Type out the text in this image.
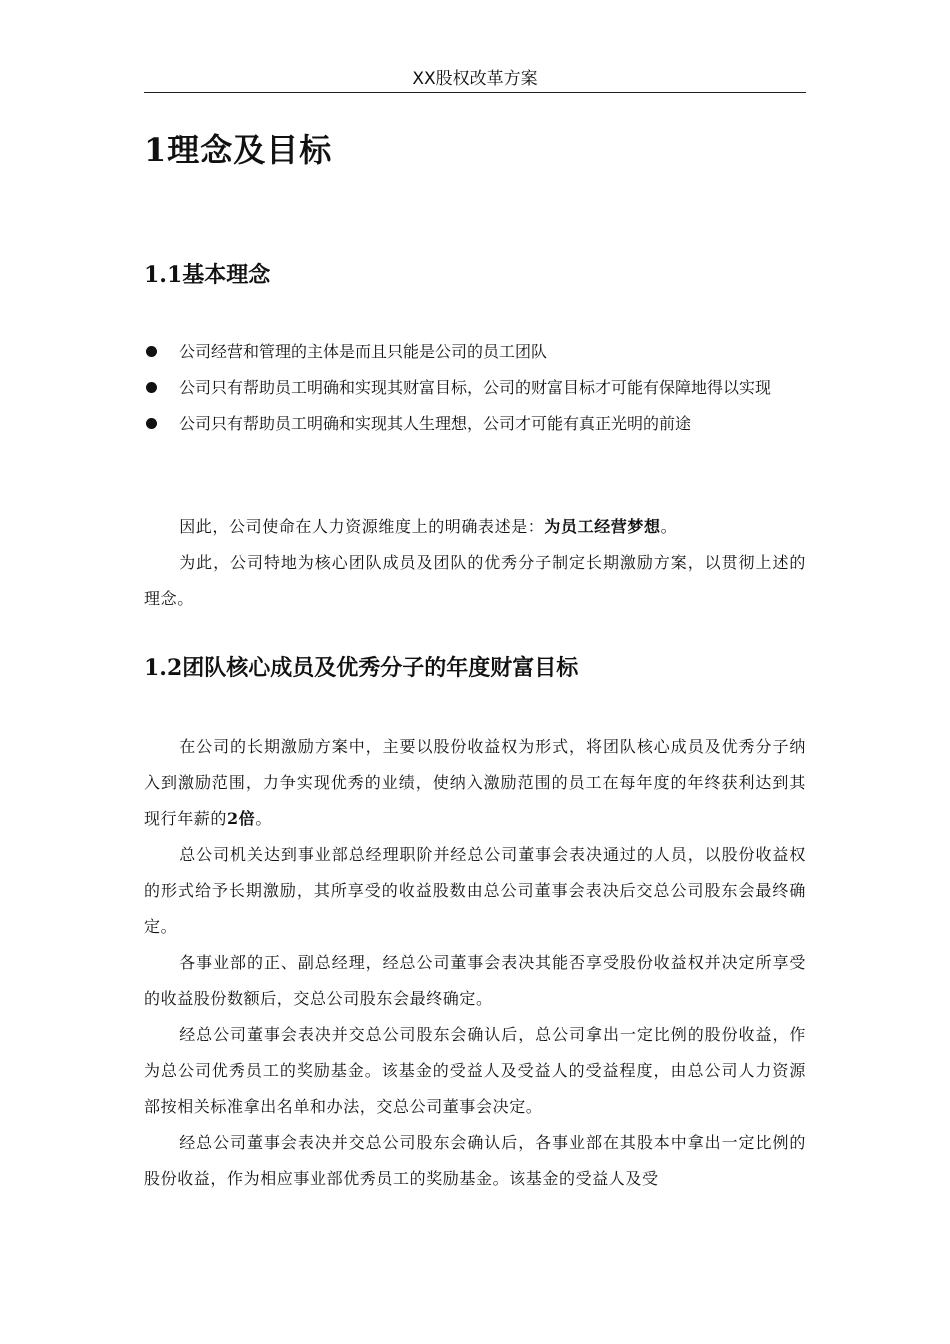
XX股权改革方案
1理念及目标
1.1基本理念
公司经营和管理的主体是而且只能是公司的员工团队
公司只有帮助员工明确和实现其财富目标，公司的财富目标才可能有保障地得以实现
公司只有帮助员工明确和实现其人生理想，公司才可能有真正光明的前途

因此，公司使命在人力资源维度上的明确表述是：为员工经营梦想。

为此，公司特地为核心团队成员及团队的优秀分子制定长期激励方案，以贯彻上述的理念。

1.2团队核心成员及优秀分子的年度财富目标

在公司的长期激励方案中，主要以股份收益权为形式，将团队核心成员及优秀分子纳入到激励范围，力争实现优秀的业绩，使纳入激励范围的员工在每年度的年终获利达到其现行年薪的2倍。

总公司机关达到事业部总经理职阶并经总公司董事会表决通过的人员，以股份收益权的形式给予长期激励，其所享受的收益股数由总公司董事会表决后交总公司股东会最终确定。

各事业部的正、副总经理，经总公司董事会表决其能否享受股份收益权并决定所享受的收益股份数额后，交总公司股东会最终确定。

经总公司董事会表决并交总公司股东会确认后，总公司拿出一定比例的股份收益，作为总公司优秀员工的奖励基金。该基金的受益人及受益人的受益程度，由总公司人力资源部按相关标准拿出名单和办法，交总公司董事会决定。

经总公司董事会表决并交总公司股东会确认后，各事业部在其股本中拿出一定比例的股份收益，作为相应事业部优秀员工的奖励基金。该基金的受益人及受
